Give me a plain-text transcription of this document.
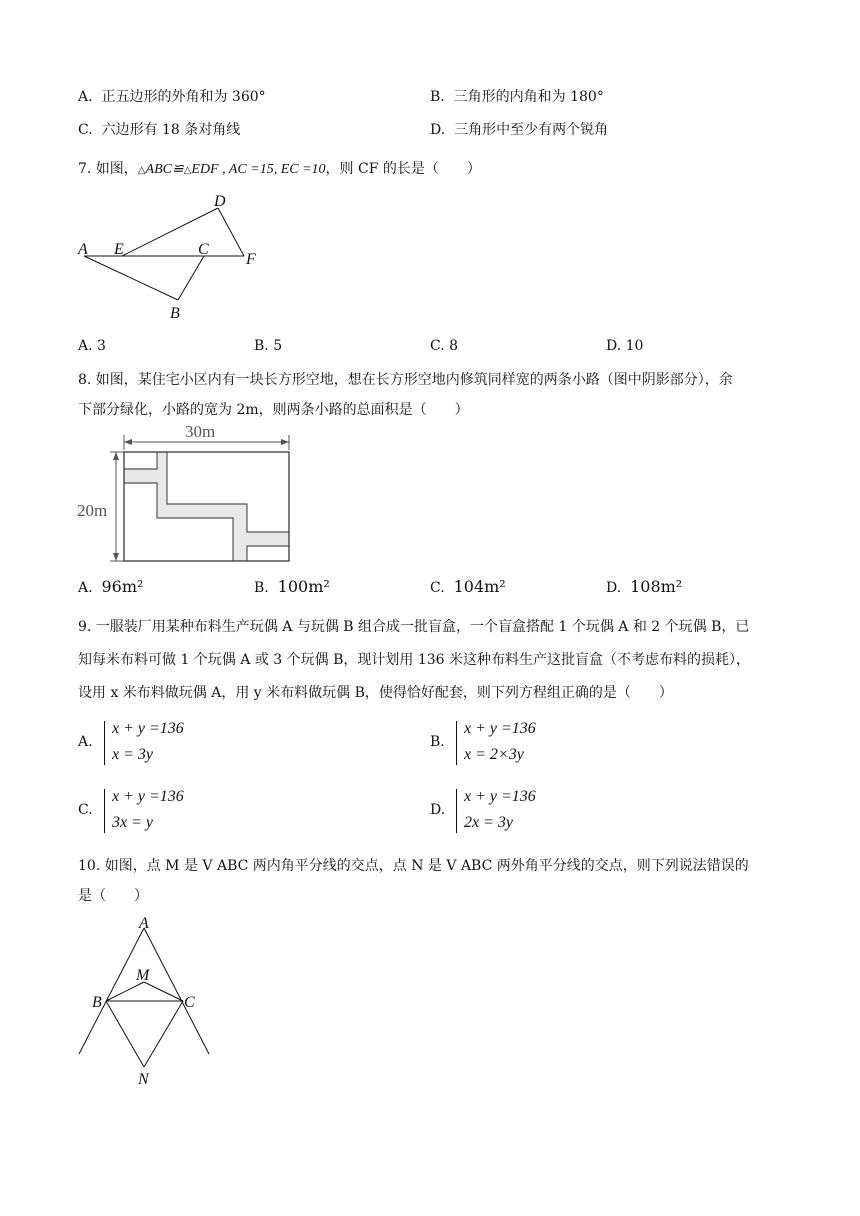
A. 正五边形的外角和为 360°	B. 三角形的内角和为 180°
C. 六边形有 18 条对角线	D. 三角形中至少有两个锐角
7. 如图，△ABC≌△EDF , AC =15, EC =10，则 CF 的长是（　　）
A E	C
D
F
B
A. 3	B. 5	C. 8	D. 10
8. 如图，某住宅小区内有一块长方形空地，想在长方形空地内修筑同样宽的两条小路（图中阴影部分），余
下部分绿化，小路的宽为 2m，则两条小路的总面积是（　　）
30m
20m
A. 96m²	B. 100m²	C. 104m²	D. 108m²
9. 一服装厂用某种布料生产玩偶 A 与玩偶 B 组合成一批盲盒，一个盲盒搭配 1 个玩偶 A 和 2 个玩偶 B，已
知每米布料可做 1 个玩偶 A 或 3 个玩偶 B，现计划用 136 米这种布料生产这批盲盒（不考虑布料的损耗），
设用 x 米布料做玩偶 A，用 y 米布料做玩偶 B，使得恰好配套，则下列方程组正确的是（　　）
A.
x + y =136
x = 3y
B.
x + y =136
x = 2×3y
C.
x + y =136
3x = y
D.
x + y =136
2x = 3y
10. 如图，点 M 是 V ABC 两内角平分线的交点，点 N 是 V ABC 两外角平分线的交点，则下列说法错误的
是（　　）
A
M
B	C
N
